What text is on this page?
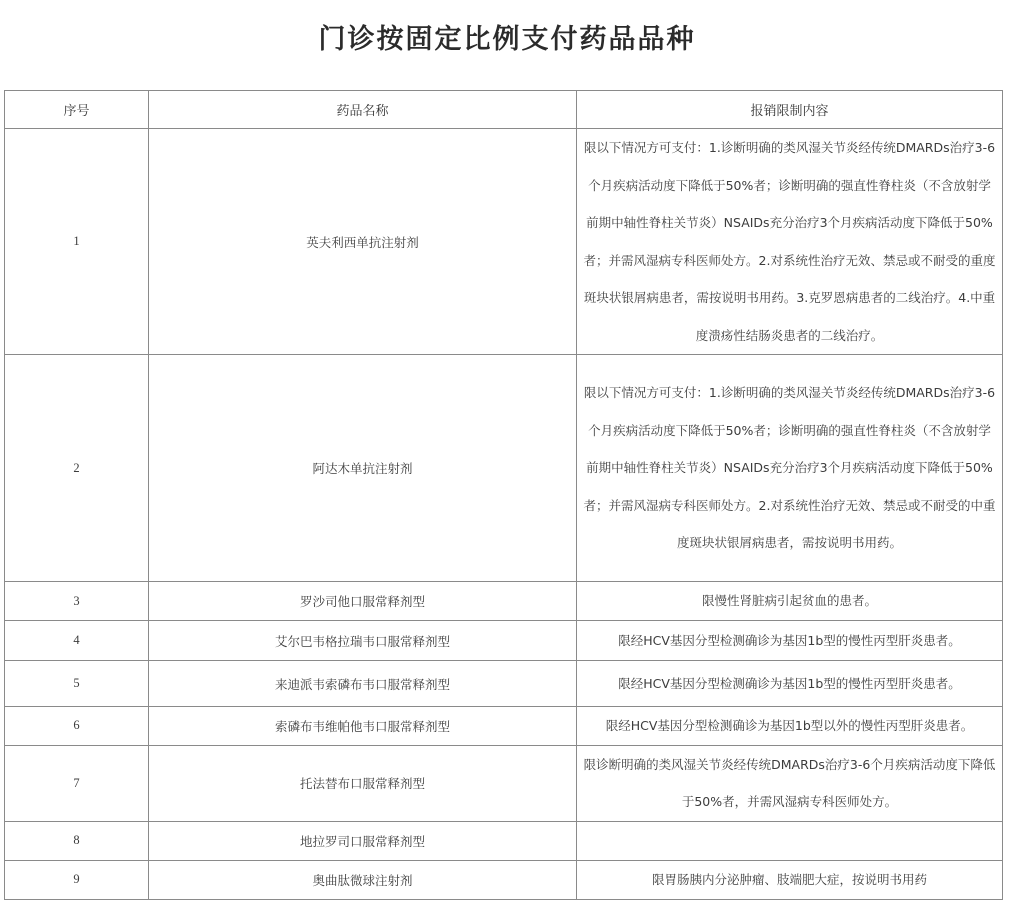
门诊按固定比例支付药品品种
序号	药品名称	报销限制内容
1	英夫利西单抗注射剂	限以下情况方可支付：1.诊断明确的类风湿关节炎经传统DMARDs治疗3-6个月疾病活动度下降低于50%者；诊断明确的强直性脊柱炎（不含放射学前期中轴性脊柱关节炎）NSAIDs充分治疗3个月疾病活动度下降低于50%者；并需风湿病专科医师处方。2.对系统性治疗无效、禁忌或不耐受的重度斑块状银屑病患者，需按说明书用药。3.克罗恩病患者的二线治疗。4.中重度溃疡性结肠炎患者的二线治疗。
2	阿达木单抗注射剂	限以下情况方可支付：1.诊断明确的类风湿关节炎经传统DMARDs治疗3-6个月疾病活动度下降低于50%者；诊断明确的强直性脊柱炎（不含放射学前期中轴性脊柱关节炎）NSAIDs充分治疗3个月疾病活动度下降低于50%者；并需风湿病专科医师处方。2.对系统性治疗无效、禁忌或不耐受的中重度斑块状银屑病患者，需按说明书用药。
3	罗沙司他口服常释剂型	限慢性肾脏病引起贫血的患者。
4	艾尔巴韦格拉瑞韦口服常释剂型	限经HCV基因分型检测确诊为基因1b型的慢性丙型肝炎患者。
5	来迪派韦索磷布韦口服常释剂型	限经HCV基因分型检测确诊为基因1b型的慢性丙型肝炎患者。
6	索磷布韦维帕他韦口服常释剂型	限经HCV基因分型检测确诊为基因1b型以外的慢性丙型肝炎患者。
7	托法替布口服常释剂型	限诊断明确的类风湿关节炎经传统DMARDs治疗3-6个月疾病活动度下降低于50%者，并需风湿病专科医师处方。
8	地拉罗司口服常释剂型	
9	奥曲肽微球注射剂	限胃肠胰内分泌肿瘤、肢端肥大症，按说明书用药
